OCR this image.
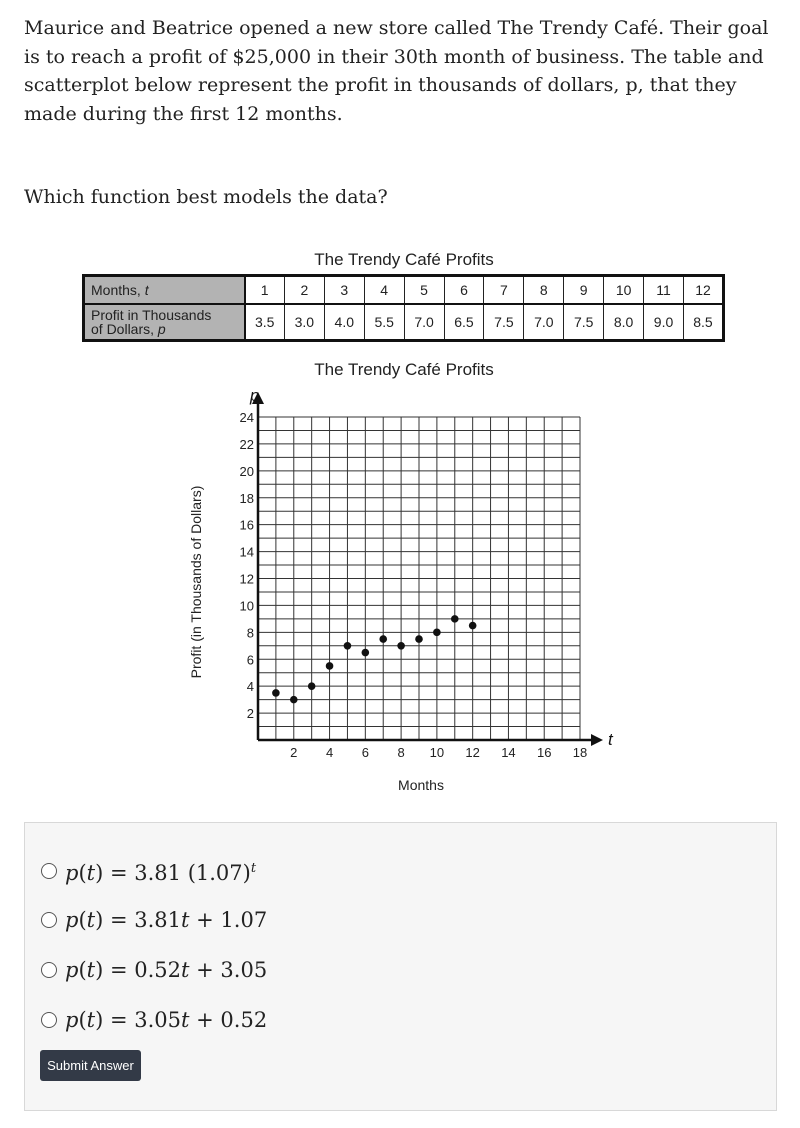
Maurice and Beatrice opened a new store called The Trendy Café. Their goal is to reach a profit of $25,000 in their 30th month of business. The table and scatterplot below represent the profit in thousands of dollars, p, that they made during the first 12 months.

Which function best models the data?

The Trendy Café Profits
Months, t	1	2	3	4	5	6	7	8	9	10	11	12
Profit in Thousands
of Dollars, p	3.5	3.0	4.0	5.5	7.0	6.5	7.5	7.0	7.5	8.0	9.0	8.5
The Trendy Café Profits
2 4 6 8 10 12 14 16 18
2
4
6
8
10
12
14
16
18
20
22
24
p
t
Months
Profit (in Thousands of Dollars)
p(t) = 3.81 $(1.07)^t$
p(t) = 3.81t + 1.07
p(t) = 0.52t + 3.05
p(t) = 3.05t + 0.52
Submit Answer
